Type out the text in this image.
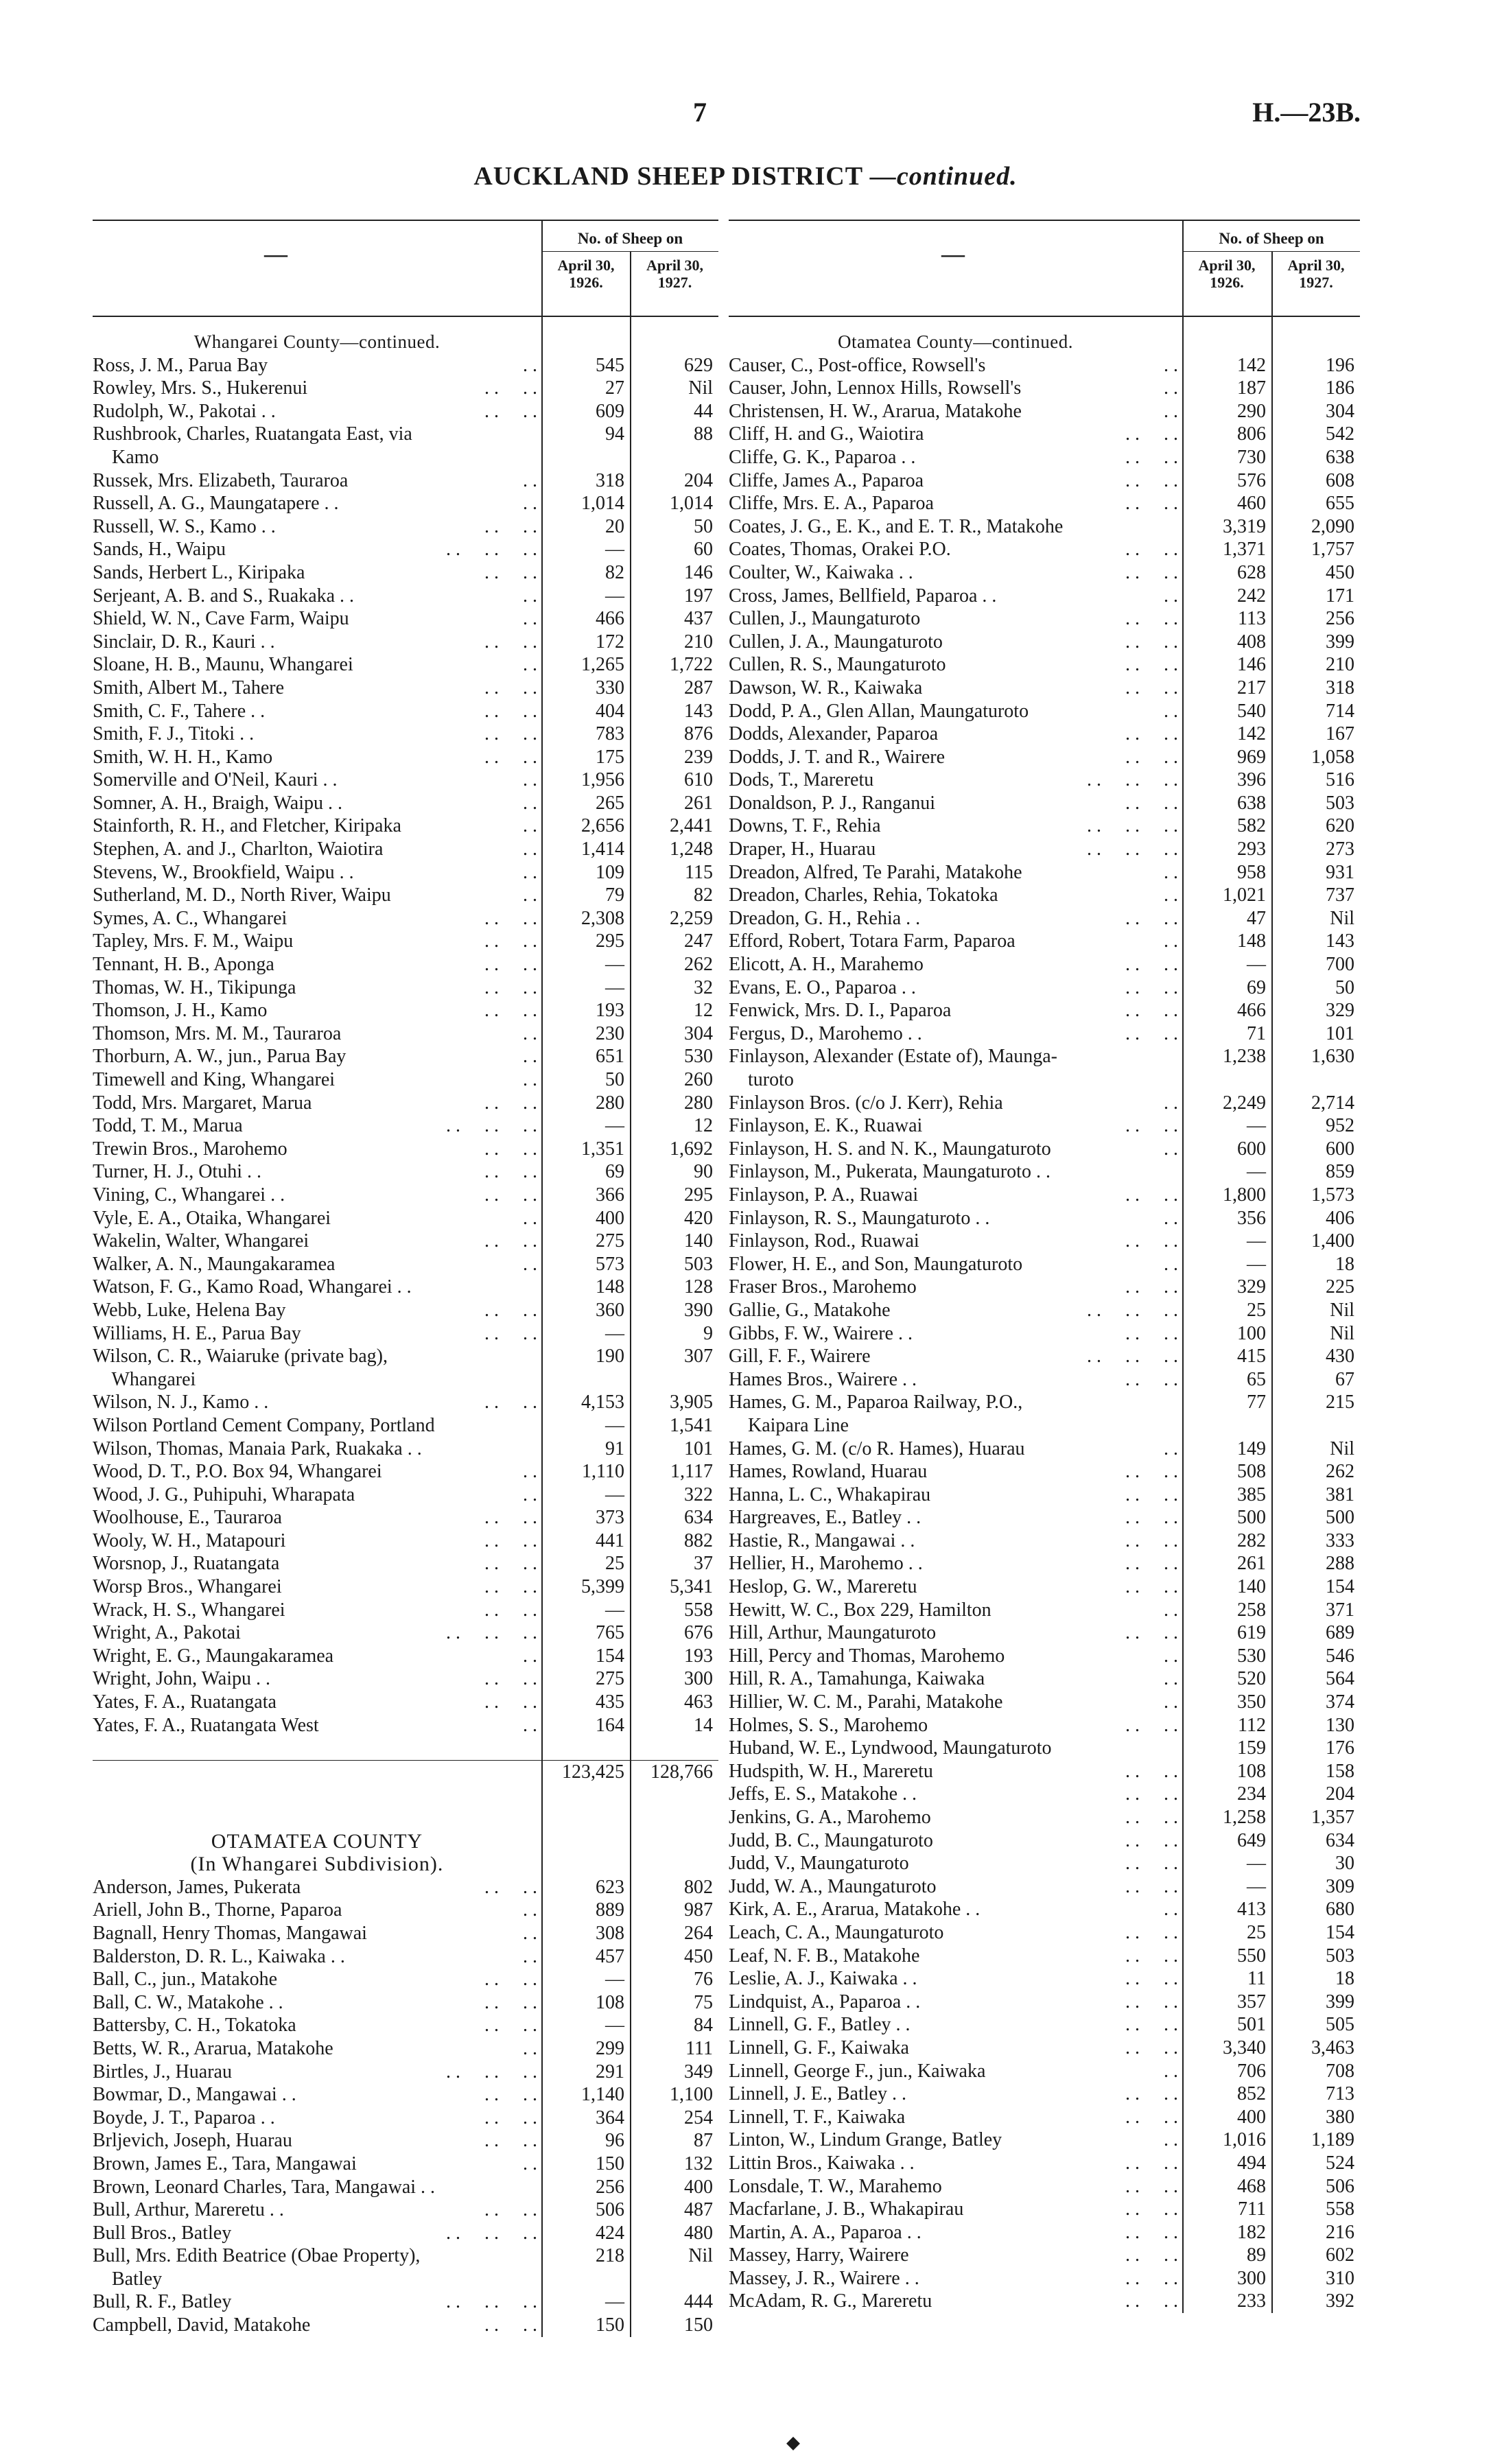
7	H.—23B.
AUCKLAND SHEEP DISTRICT —continued.
—
No. of Sheep on
April 30, 1926.
April 30, 1927.
Whangarei County—continued.
Ross, J. M., Parua Bay	. .	545	629
Rowley, Mrs. S., Hukerenui	. .     . .	27	Nil
Rudolph, W., Pakotai . .	. .     . .	609	44
Rushbrook, Charles, Ruatangata East, via	94	88
Kamo
Russek, Mrs. Elizabeth, Tauraroa	. .	318	204
Russell, A. G., Maungatapere . .	. .	1,014	1,014
Russell, W. S., Kamo . .	. .     . .	20	50
Sands, H., Waipu	. .     . .     . .	—	60
Sands, Herbert L., Kiripaka	. .     . .	82	146
Serjeant, A. B. and S., Ruakaka . .	. .	—	197
Shield, W. N., Cave Farm, Waipu	. .	466	437
Sinclair, D. R., Kauri . .	. .     . .	172	210
Sloane, H. B., Maunu, Whangarei	. .	1,265	1,722
Smith, Albert M., Tahere	. .     . .	330	287
Smith, C. F., Tahere . .	. .     . .	404	143
Smith, F. J., Titoki . .	. .     . .	783	876
Smith, W. H. H., Kamo	. .     . .	175	239
Somerville and O'Neil, Kauri . .	. .	1,956	610
Somner, A. H., Braigh, Waipu . .	. .	265	261
Stainforth, R. H., and Fletcher, Kiripaka	. .	2,656	2,441
Stephen, A. and J., Charlton, Waiotira	. .	1,414	1,248
Stevens, W., Brookfield, Waipu . .	. .	109	115
Sutherland, M. D., North River, Waipu	. .	79	82
Symes, A. C., Whangarei	. .     . .	2,308	2,259
Tapley, Mrs. F. M., Waipu	. .     . .	295	247
Tennant, H. B., Aponga	. .     . .	—	262
Thomas, W. H., Tikipunga	. .     . .	—	32
Thomson, J. H., Kamo	. .     . .	193	12
Thomson, Mrs. M. M., Tauraroa	. .	230	304
Thorburn, A. W., jun., Parua Bay	. .	651	530
Timewell and King, Whangarei	. .	50	260
Todd, Mrs. Margaret, Marua	. .     . .	280	280
Todd, T. M., Marua	. .     . .     . .	—	12
Trewin Bros., Marohemo	. .     . .	1,351	1,692
Turner, H. J., Otuhi . .	. .     . .	69	90
Vining, C., Whangarei . .	. .     . .	366	295
Vyle, E. A., Otaika, Whangarei	. .	400	420
Wakelin, Walter, Whangarei	. .     . .	275	140
Walker, A. N., Maungakaramea	. .	573	503
Watson, F. G., Kamo Road, Whangarei . .	148	128
Webb, Luke, Helena Bay	. .     . .	360	390
Williams, H. E., Parua Bay	. .     . .	—	9
Wilson, C. R., Waiaruke (private bag),	190	307
Whangarei
Wilson, N. J., Kamo . .	. .     . .	4,153	3,905
Wilson Portland Cement Company, Portland	—	1,541
Wilson, Thomas, Manaia Park, Ruakaka . .	91	101
Wood, D. T., P.O. Box 94, Whangarei	. .	1,110	1,117
Wood, J. G., Puhipuhi, Wharapata	. .	—	322
Woolhouse, E., Tauraroa	. .     . .	373	634
Wooly, W. H., Matapouri	. .     . .	441	882
Worsnop, J., Ruatangata	. .     . .	25	37
Worsp Bros., Whangarei	. .     . .	5,399	5,341
Wrack, H. S., Whangarei	. .     . .	—	558
Wright, A., Pakotai	. .     . .     . .	765	676
Wright, E. G., Maungakaramea	. .	154	193
Wright, John, Waipu . .	. .     . .	275	300
Yates, F. A., Ruatangata	. .     . .	435	463
Yates, F. A., Ruatangata West	. .	164	14

123,425	128,766

OTAMATEA COUNTY
(In Whangarei Subdivision).
Anderson, James, Pukerata	. .     . .	623	802
Ariell, John B., Thorne, Paparoa	. .	889	987
Bagnall, Henry Thomas, Mangawai	. .	308	264
Balderston, D. R. L., Kaiwaka . .	. .	457	450
Ball, C., jun., Matakohe	. .     . .	—	76
Ball, C. W., Matakohe . .	. .     . .	108	75
Battersby, C. H., Tokatoka	. .     . .	—	84
Betts, W. R., Ararua, Matakohe	. .	299	111
Birtles, J., Huarau	. .     . .     . .	291	349
Bowmar, D., Mangawai . .	. .     . .	1,140	1,100
Boyde, J. T., Paparoa . .	. .     . .	364	254
Brljevich, Joseph, Huarau	. .     . .	96	87
Brown, James E., Tara, Mangawai	. .	150	132
Brown, Leonard Charles, Tara, Mangawai . .	256	400
Bull, Arthur, Mareretu . .	. .     . .	506	487
Bull Bros., Batley	. .     . .     . .	424	480
Bull, Mrs. Edith Beatrice (Obae Property),	218	Nil
Batley
Bull, R. F., Batley	. .     . .     . .	—	444
Campbell, David, Matakohe	. .     . .	150	150
—
No. of Sheep on
April 30, 1926.
April 30, 1927.
Otamatea County—continued.
Causer, C., Post-office, Rowsell's	. .	142	196
Causer, John, Lennox Hills, Rowsell's	. .	187	186
Christensen, H. W., Ararua, Matakohe	. .	290	304
Cliff, H. and G., Waiotira	. .     . .	806	542
Cliffe, G. K., Paparoa . .	. .     . .	730	638
Cliffe, James A., Paparoa	. .     . .	576	608
Cliffe, Mrs. E. A., Paparoa	. .     . .	460	655
Coates, J. G., E. K., and E. T. R., Matakohe	3,319	2,090
Coates, Thomas, Orakei P.O.	. .     . .	1,371	1,757
Coulter, W., Kaiwaka . .	. .     . .	628	450
Cross, James, Bellfield, Paparoa . .	. .	242	171
Cullen, J., Maungaturoto	. .     . .	113	256
Cullen, J. A., Maungaturoto	. .     . .	408	399
Cullen, R. S., Maungaturoto	. .     . .	146	210
Dawson, W. R., Kaiwaka	. .     . .	217	318
Dodd, P. A., Glen Allan, Maungaturoto	. .	540	714
Dodds, Alexander, Paparoa	. .     . .	142	167
Dodds, J. T. and R., Wairere	. .     . .	969	1,058
Dods, T., Mareretu	. .     . .     . .	396	516
Donaldson, P. J., Ranganui	. .     . .	638	503
Downs, T. F., Rehia	. .     . .     . .	582	620
Draper, H., Huarau	. .     . .     . .	293	273
Dreadon, Alfred, Te Parahi, Matakohe	. .	958	931
Dreadon, Charles, Rehia, Tokatoka	. .	1,021	737
Dreadon, G. H., Rehia . .	. .     . .	47	Nil
Efford, Robert, Totara Farm, Paparoa	. .	148	143
Elicott, A. H., Marahemo	. .     . .	—	700
Evans, E. O., Paparoa . .	. .     . .	69	50
Fenwick, Mrs. D. I., Paparoa	. .     . .	466	329
Fergus, D., Marohemo . .	. .     . .	71	101
Finlayson, Alexander (Estate of), Maunga-	1,238	1,630
turoto
Finlayson Bros. (c/o J. Kerr), Rehia	. .	2,249	2,714
Finlayson, E. K., Ruawai	. .     . .	—	952
Finlayson, H. S. and N. K., Maungaturoto	. .	600	600
Finlayson, M., Pukerata, Maungaturoto . .	—	859
Finlayson, P. A., Ruawai	. .     . .	1,800	1,573
Finlayson, R. S., Maungaturoto . .	. .	356	406
Finlayson, Rod., Ruawai	. .     . .	—	1,400
Flower, H. E., and Son, Maungaturoto	. .	—	18
Fraser Bros., Marohemo	. .     . .	329	225
Gallie, G., Matakohe	. .     . .     . .	25	Nil
Gibbs, F. W., Wairere . .	. .     . .	100	Nil
Gill, F. F., Wairere	. .     . .     . .	415	430
Hames Bros., Wairere . .	. .     . .	65	67
Hames, G. M., Paparoa Railway, P.O.,	77	215
Kaipara Line
Hames, G. M. (c/o R. Hames), Huarau	. .	149	Nil
Hames, Rowland, Huarau	. .     . .	508	262
Hanna, L. C., Whakapirau	. .     . .	385	381
Hargreaves, E., Batley . .	. .     . .	500	500
Hastie, R., Mangawai . .	. .     . .	282	333
Hellier, H., Marohemo . .	. .     . .	261	288
Heslop, G. W., Mareretu	. .     . .	140	154
Hewitt, W. C., Box 229, Hamilton	. .	258	371
Hill, Arthur, Maungaturoto	. .     . .	619	689
Hill, Percy and Thomas, Marohemo	. .	530	546
Hill, R. A., Tamahunga, Kaiwaka	. .	520	564
Hillier, W. C. M., Parahi, Matakohe	. .	350	374
Holmes, S. S., Marohemo	. .     . .	112	130
Huband, W. E., Lyndwood, Maungaturoto	159	176
Hudspith, W. H., Mareretu	. .     . .	108	158
Jeffs, E. S., Matakohe . .	. .     . .	234	204
Jenkins, G. A., Marohemo	. .     . .	1,258	1,357
Judd, B. C., Maungaturoto	. .     . .	649	634
Judd, V., Maungaturoto	. .     . .	—	30
Judd, W. A., Maungaturoto	. .     . .	—	309
Kirk, A. E., Ararua, Matakohe . .	. .	413	680
Leach, C. A., Maungaturoto	. .     . .	25	154
Leaf, N. F. B., Matakohe	. .     . .	550	503
Leslie, A. J., Kaiwaka . .	. .     . .	11	18
Lindquist, A., Paparoa . .	. .     . .	357	399
Linnell, G. F., Batley . .	. .     . .	501	505
Linnell, G. F., Kaiwaka	. .     . .	3,340	3,463
Linnell, George F., jun., Kaiwaka	. .	706	708
Linnell, J. E., Batley . .	. .     . .	852	713
Linnell, T. F., Kaiwaka	. .     . .	400	380
Linton, W., Lindum Grange, Batley	. .	1,016	1,189
Littin Bros., Kaiwaka . .	. .     . .	494	524
Lonsdale, T. W., Marahemo	. .     . .	468	506
Macfarlane, J. B., Whakapirau	. .     . .	711	558
Martin, A. A., Paparoa . .	. .     . .	182	216
Massey, Harry, Wairere	. .     . .	89	602
Massey, J. R., Wairere . .	. .     . .	300	310
McAdam, R. G., Mareretu	. .     . .	233	392
◆
